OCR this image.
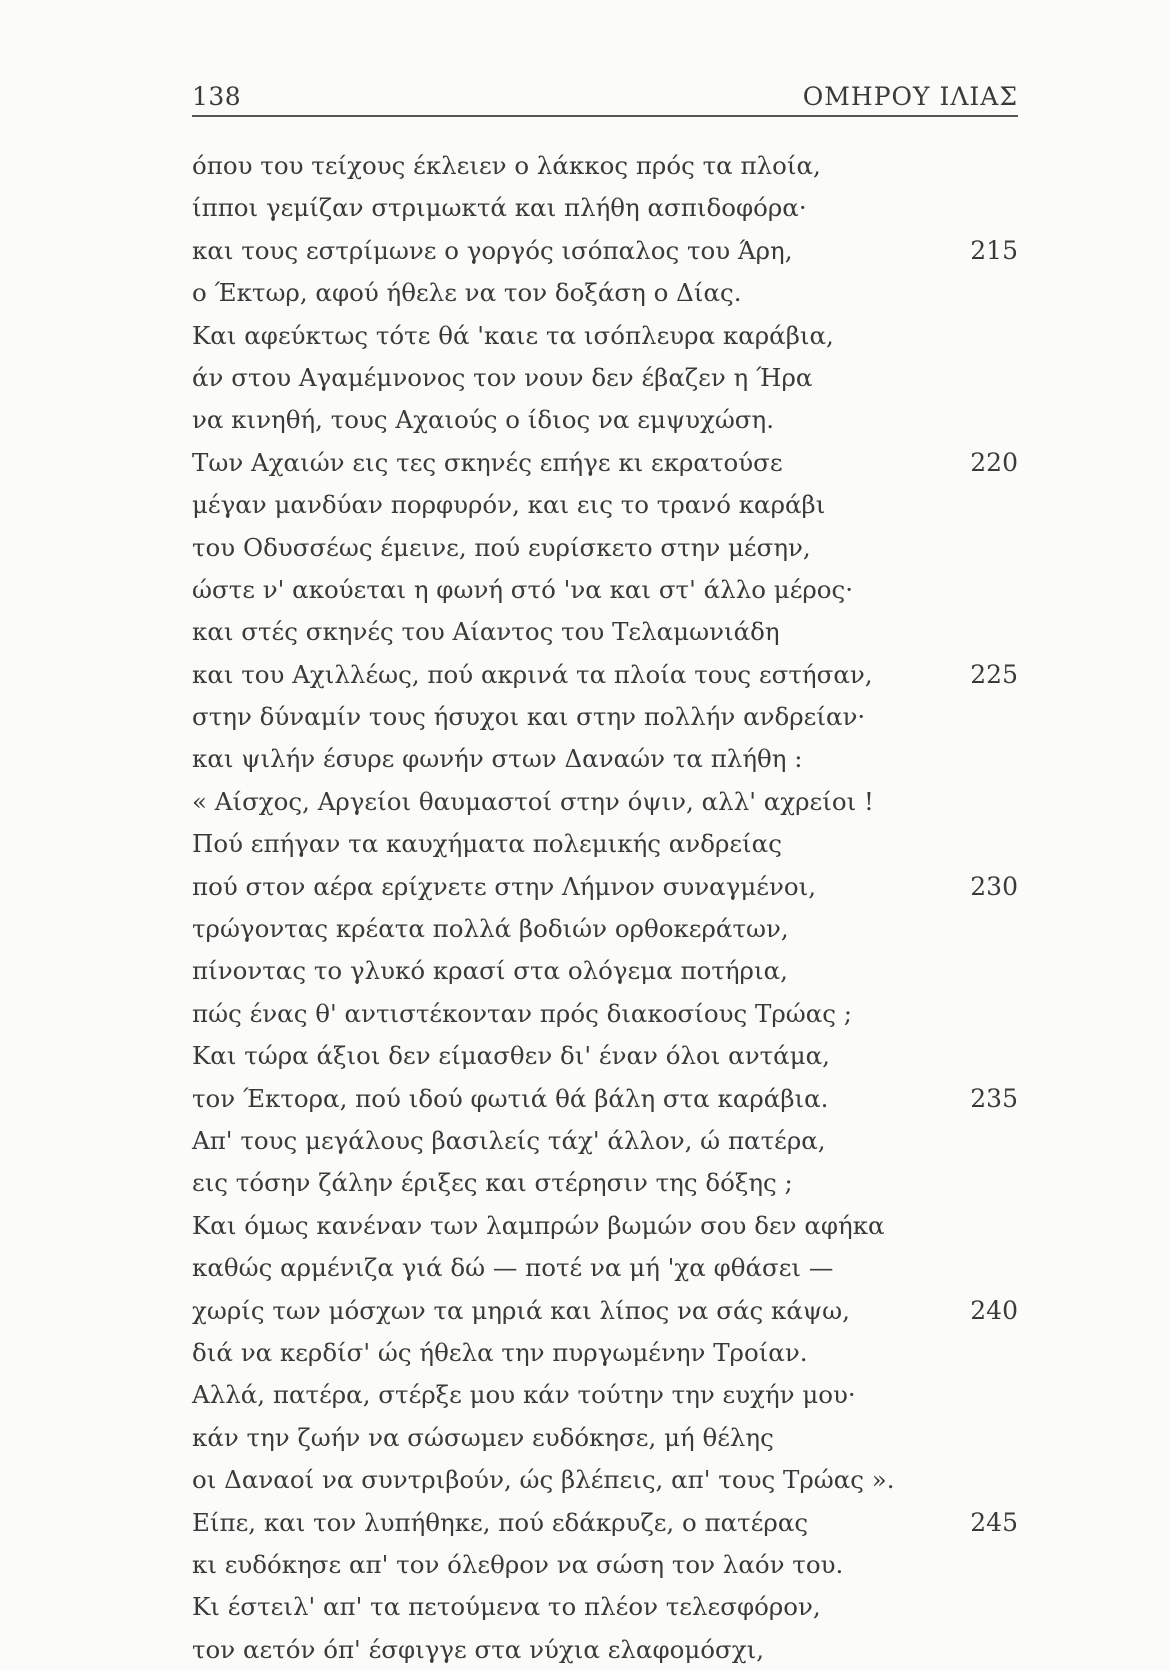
138	ΟΜΗΡΟΥ ΙΛΙΑΣ
όπου του τείχους έκλειεν ο λάκκος πρός τα πλοία,
ίπποι γεμίζαν στριμωκτά και πλήθη ασπιδοφόρα·
και τους εστρίμωνε ο γοργός ισόπαλος του Άρη,	215
ο Έκτωρ, αφού ήθελε να τον δοξάση ο Δίας.
Και αφεύκτως τότε θά 'καιε τα ισόπλευρα καράβια,
άν στου Αγαμέμνονος τον νουν δεν έβαζεν η Ήρα
να κινηθή, τους Αχαιούς ο ίδιος να εμψυχώση.
Των Αχαιών εις τες σκηνές επήγε κι εκρατούσε	220
μέγαν μανδύαν πορφυρόν, και εις το τρανό καράβι
του Οδυσσέως έμεινε, πού ευρίσκετο στην μέσην,
ώστε ν' ακούεται η φωνή στό 'να και στ' άλλο μέρος·
και στές σκηνές του Αίαντος του Τελαμωνιάδη
και του Αχιλλέως, πού ακρινά τα πλοία τους εστήσαν,	225
στην δύναμίν τους ήσυχοι και στην πολλήν ανδρείαν·
και ψιλήν έσυρε φωνήν στων Δαναών τα πλήθη :
« Αίσχος, Αργείοι θαυμαστοί στην όψιν, αλλ' αχρείοι !
Πού επήγαν τα καυχήματα πολεμικής ανδρείας
πού στον αέρα ερίχνετε στην Λήμνον συναγμένοι,	230
τρώγοντας κρέατα πολλά βοδιών ορθοκεράτων,
πίνοντας το γλυκό κρασί στα ολόγεμα ποτήρια,
πώς ένας θ' αντιστέκονταν πρός διακοσίους Τρώας ;
Και τώρα άξιοι δεν είμασθεν δι' έναν όλοι αντάμα,
τον Έκτορα, πού ιδού φωτιά θά βάλη στα καράβια.	235
Απ' τους μεγάλους βασιλείς τάχ' άλλον, ώ πατέρα,
εις τόσην ζάλην έριξες και στέρησιν της δόξης ;
Και όμως κανέναν των λαμπρών βωμών σου δεν αφήκα
καθώς αρμένιζα γιά δώ — ποτέ να μή 'χα φθάσει —
χωρίς των μόσχων τα μηριά και λίπος να σάς κάψω,	240
διά να κερδίσ' ώς ήθελα την πυργωμένην Τροίαν.
Αλλά, πατέρα, στέρξε μου κάν τούτην την ευχήν μου·
κάν την ζωήν να σώσωμεν ευδόκησε, μή θέλης
οι Δαναοί να συντριβούν, ώς βλέπεις, απ' τους Τρώας ».
Είπε, και τον λυπήθηκε, πού εδάκρυζε, ο πατέρας	245
κι ευδόκησε απ' τον όλεθρον να σώση τον λαόν του.
Κι έστειλ' απ' τα πετούμενα το πλέον τελεσφόρον,
τον αετόν όπ' έσφιγγε στα νύχια ελαφομόσχι,
